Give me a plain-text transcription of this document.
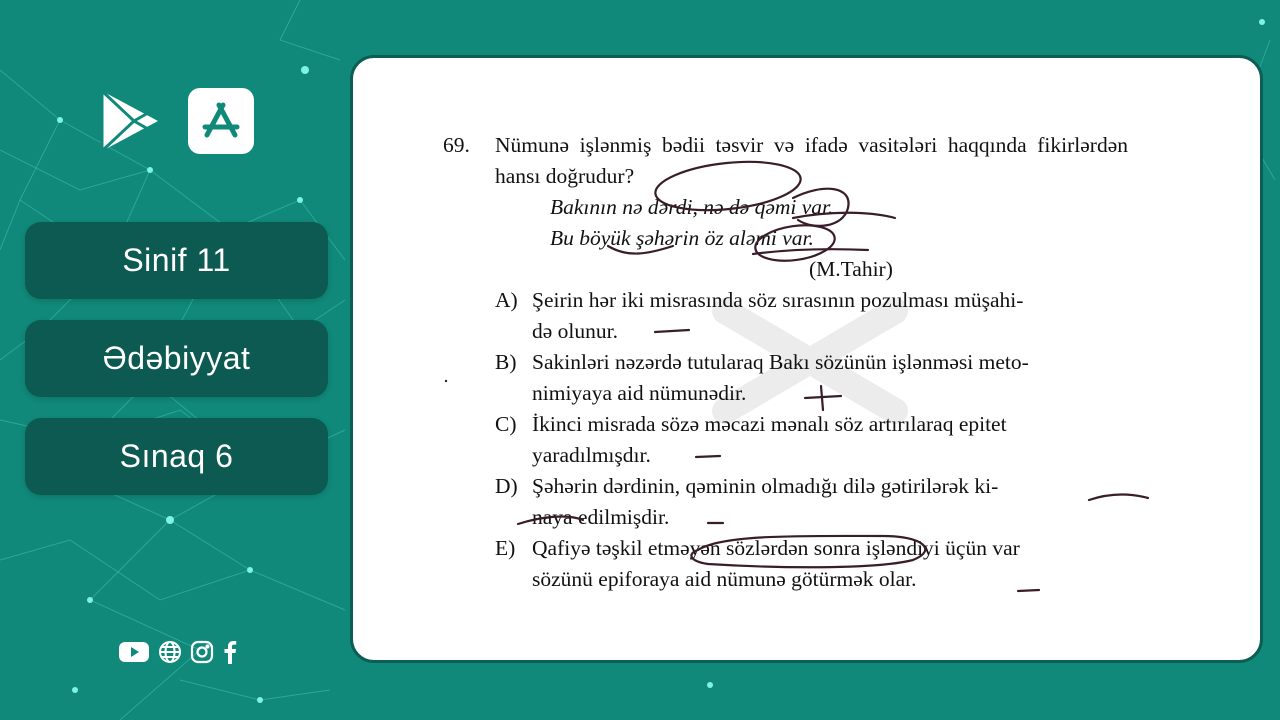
Sinif 11
Ədəbiyyat
Sınaq 6
69.	Nümunə işlənmiş bədii təsvir və ifadə vasitələri haqqında fikirlərdən hansı doğrudur?
Bakının nə dərdi, nə də qəmi var.
Bu böyük şəhərin öz aləmi var.
(M.Tahir)
A) Şeirin hər iki misrasında söz sırasının pozulması müşahi-
də olunur.
B) Sakinləri nəzərdə tutularaq Bakı sözünün işlənməsi meto-
nimiyaya aid nümunədir.
C) İkinci misrada sözə məcazi mənalı söz artırılaraq epitet
yaradılmışdır.
D) Şəhərin dərdinin, qəminin olmadığı dilə gətirilərək ki-
naya edilmişdir.
E) Qafiyə təşkil etməyən sözlərdən sonra işləndiyi üçün var
sözünü epiforaya aid nümunə götürmək olar.
